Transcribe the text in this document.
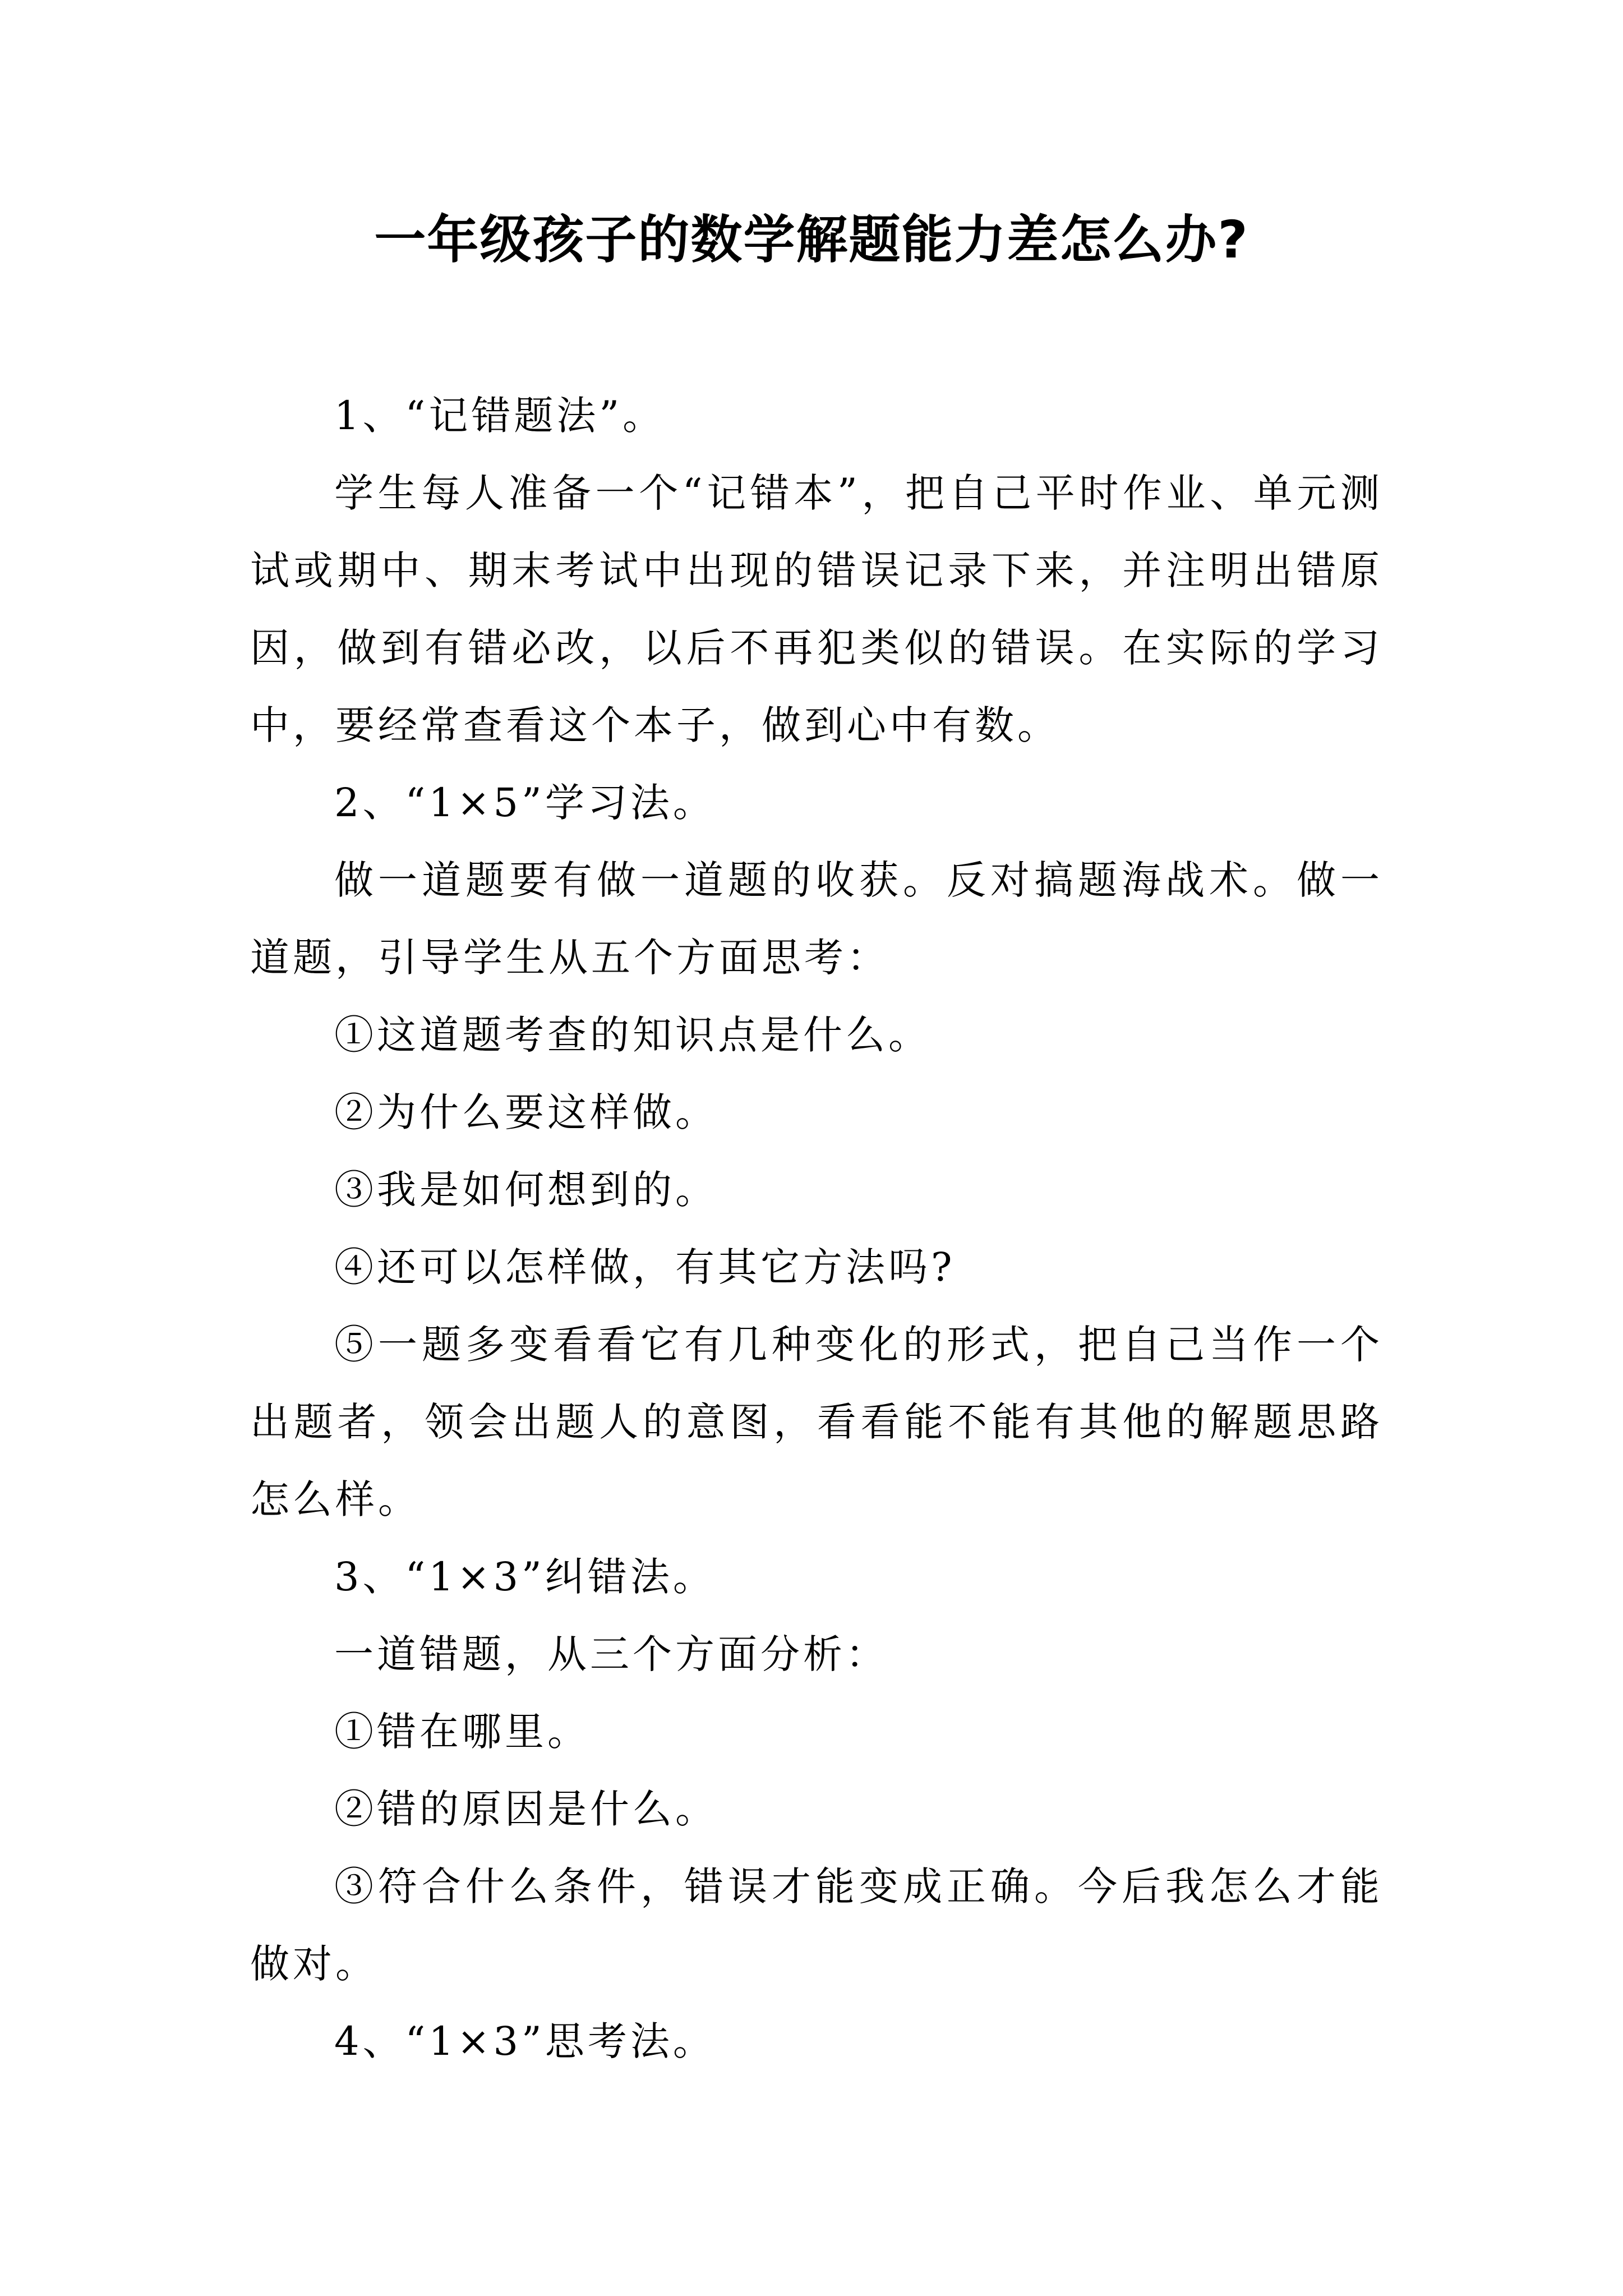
一年级孩子的数学解题能力差怎么办?

1、“记错题法”。

学生每人准备一个“记错本”，把自己平时作业、单元测试或期中、期末考试中出现的错误记录下来，并注明出错原因，做到有错必改，以后不再犯类似的错误。在实际的学习中，要经常查看这个本子，做到心中有数。

2、“1×5”学习法。

做一道题要有做一道题的收获。反对搞题海战术。做一道题，引导学生从五个方面思考：

①这道题考查的知识点是什么。

②为什么要这样做。

③我是如何想到的。

④还可以怎样做，有其它方法吗?

⑤一题多变看看它有几种变化的形式，把自己当作一个出题者，领会出题人的意图，看看能不能有其他的解题思路怎么样。

3、“1×3”纠错法。

一道错题，从三个方面分析：

①错在哪里。

②错的原因是什么。

③符合什么条件，错误才能变成正确。今后我怎么才能做对。

4、“1×3”思考法。
